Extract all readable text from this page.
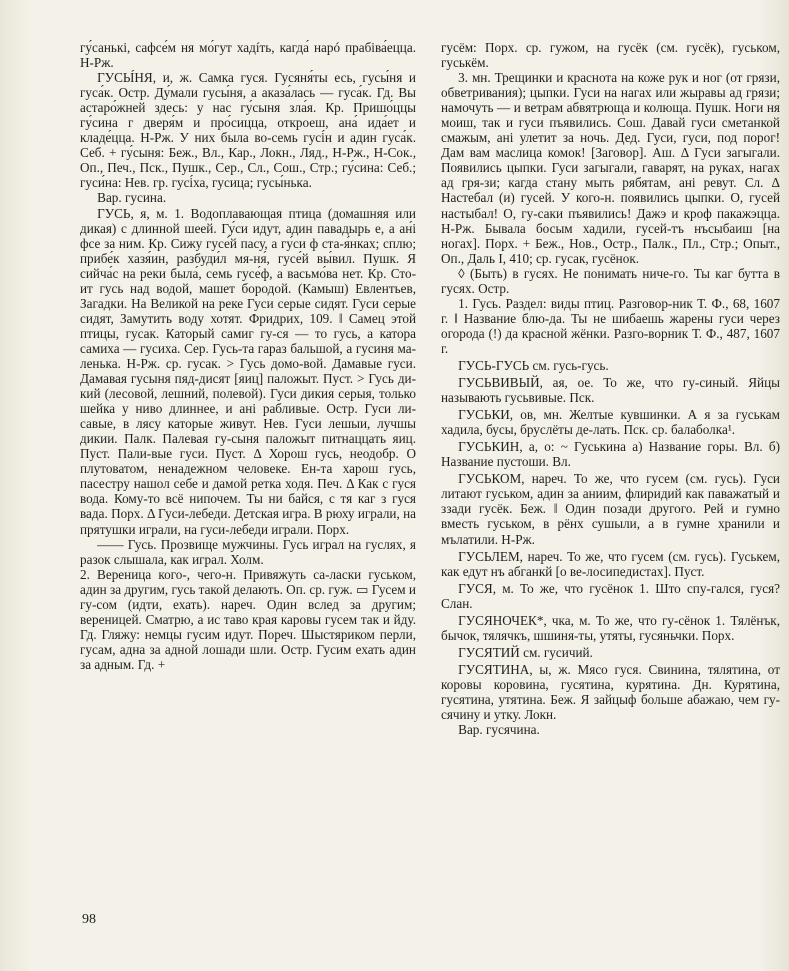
гу́санькі, сафсе́м ня мо́гут хадíть, кагда́ нарó прабіва́ецца. Н-Рж.

ГУСЫ́НЯ, и, ж. Самка гуся. Гусяня́ты есь, гусы́ня и гуса́к. Остр. Ду́мали гусы́ня, а аказа́лась — гуса́к. Гд. Вы астаро́жней здесь: у нас гу́сыня зла́я. Кр. Пришо́ццы гу́сина г дверя́м и про́сицца, откроеш, ана́ ида́ет и кладе́цца. Н-Рж. У них была во-семь гусі́н и адин гуса́к. Себ. + гу́сыня: Беж., Вл., Кар., Локн., Ляд., Н-Рж., Н-Сок., Оп., Печ., Пск., Пушк., Сер., Сл., Сош., Стр.; гу́сина: Себ.; гуси́на: Нев. гр. гусі́ха, гусица; гусы́нька.

Вар. гусина.

ГУСЬ, я, м. 1. Водоплавающая птица (домашняя или дикая) с длинной шеей. Гу́си идут, адин павадырь е, а ан́і фсе за ним. Кр. Сижу гусе́й пасу, а гу́си ф ста-я́нках; сплю; прибе́к хазя́ин, разбуди́л мя-ня́, гусе́й вы́вил. Пушк. Я сийча́с на реки была́, семь гусе́ф, а васьмо́ва нет. Кр. Сто-ит гусь над водой, машет бородой. (Камыш) Евлентьев, Загадки. На Великой на реке Гуси серые сидят. Гуси серые сидят, Замутить воду хотят. Фридрих, 109. ‖ Самец этой птицы, гусак. Каторый самиг гу-ся — то гусь, а катора самиха — гусиха. Сер. Гусь-та гараз бальшой, а гусиня ма-ленька. Н-Рж. ср. гусак. > Гусь домо-вой. Дамавые гуси. Дамавая гусыня пяд-дисят [яиц] паложыт. Пуст. > Гусь ди-кий (лесовой, лешний, полевой). Гуси дикия серыя, только шейка у ниво длиннее, и ані рабливые. Остр. Гуси ли-савые, в лясу каторые живут. Нев. Гуси лешыи, лучшы дикии. Палк. Палевая гу-сыня паложыт питнаццать яиц. Пуст. Пали-вые гуси. Пуст. Δ Хорош гусь, неодобр. О плутоватом, ненадежном человеке. Ен-та харош гусь, пасестру нашол себе и дамой ретка ходя. Печ. Δ Как с гуся вода. Кому-то всё нипочем. Ты ни байся, с тя каг з гуся вада. Порх. Δ Гуси-лебеди. Детская игра. В рюху играли, на прятушки играли, на гуси-лебеди играли. Порх.

—— Гусь. Прозвище мужчины. Гусь играл на гуслях, я разок слышала, как играл. Холм.

2. Вереница кого-, чего-н. Привяжуть са-ласки гуськом, адин за другим, гусь такой делають. Оп. ср. гуж. ▭ Гусем и гу-сом (идти, ехать). нареч. Один вслед за другим; вереницей. Сматрю, а ис таво края каровы гусем так и йду. Гд. Гляжу: немцы гусим идут. Пореч. Шыстяриком перли, гусам, адна за адной лошади шли. Остр. Гусим ехать адин за адным. Гд. +

гусём: Порх. ср. гужом, на гусёк (см. гусёк), гуськом, гуськём.

3. мн. Трещинки и краснота на коже рук и ног (от грязи, обветривания); цыпки. Гуси на нагах или жыравы ад грязи; намочуть — и ветрам абвятрюща и колюща. Пушк. Ноги ня моиш, так и гуси пъявились. Сош. Давай гуси сметанкой смажым, ані улетит за ночь. Дед. Гуси, гуси, под порог! Дам вам маслица комок! [Заговор]. Аш. Δ Гуси загыгали. Появились цыпки. Гуси загыгали, гаварят, на руках, нагах ад гря-зи; кагда стану мыть рябятам, ані ревут. Сл. Δ Настебал (и) гусей. У кого-н. появились цыпки. О, гусей настыбал! О, гу-саки пъявились! Дажэ и кроф пакажэцца. Н-Рж. Бывала босым хадили, гусей-тъ нъсыбаиш [на ногах]. Порх. + Беж., Нов., Остр., Палк., Пл., Стр.; Опыт., Оп., Даль I, 410; ср. гусак, гусёнок.

◊ (Быть) в гусях. Не понимать ниче-го. Ты каг бутта в гусях. Остр.

1. Гусь. Раздел: виды птиц. Разговор-ник Т. Ф., 68, 1607 г. ‖ Название блю-да. Ты не шибаешь жарены гуси через огорода (!) да красной жёнки. Разго-ворник Т. Ф., 487, 1607 г.

ГУСЬ-ГУСЬ см. гусь-гусь.

ГУСЬВИВЫЙ, ая, ое. То же, что гу-синый. Яйцы называють гусьвивые. Пск.

ГУСЬКИ, ов, мн. Желтые кувшинки. А я за гуськам хадила, бусы, бруслёты де-лать. Пск. ср. балаболка¹.

ГУСЬКИН, а, о: ~ Гуськина а) Название горы. Вл. б) Название пустоши. Вл.

ГУСЬКОМ, нареч. То же, что гусем (см. гусь). Гуси литают гуськом, адин за аниим, флиридий как паважатый и ззади гусёк. Беж. ‖ Один позади другого. Рей и гумно вместь гуськом, в рёнх сушыли, а в гумне хранили и мълатили. Н-Рж.

ГУСЬЛЕМ, нареч. То же, что гусем (см. гусь). Гуськем, как едут нъ абганкй [о ве-лосипедистах]. Пуст.

ГУСЯ, м. То же, что гусёнок 1. Што спу-гался, гуся? Слан.

ГУСЯНОЧЕК*, чка, м. То же, что гу-сёнок 1. Тялёнък, бычок, тялячкъ, шшиня-ты, утяты, гусяньчки. Порх.

ГУСЯТИЙ см. гусичий.

ГУСЯТИНА, ы, ж. Мясо гуся. Свинина, тялятина, от коровы коровина, гусятина, курятина. Дн. Курятина, гусятина, утятина. Беж. Я зайцыф больше абажаю, чем гу-сячину и утку. Локн.

Вар. гусячина.

98
